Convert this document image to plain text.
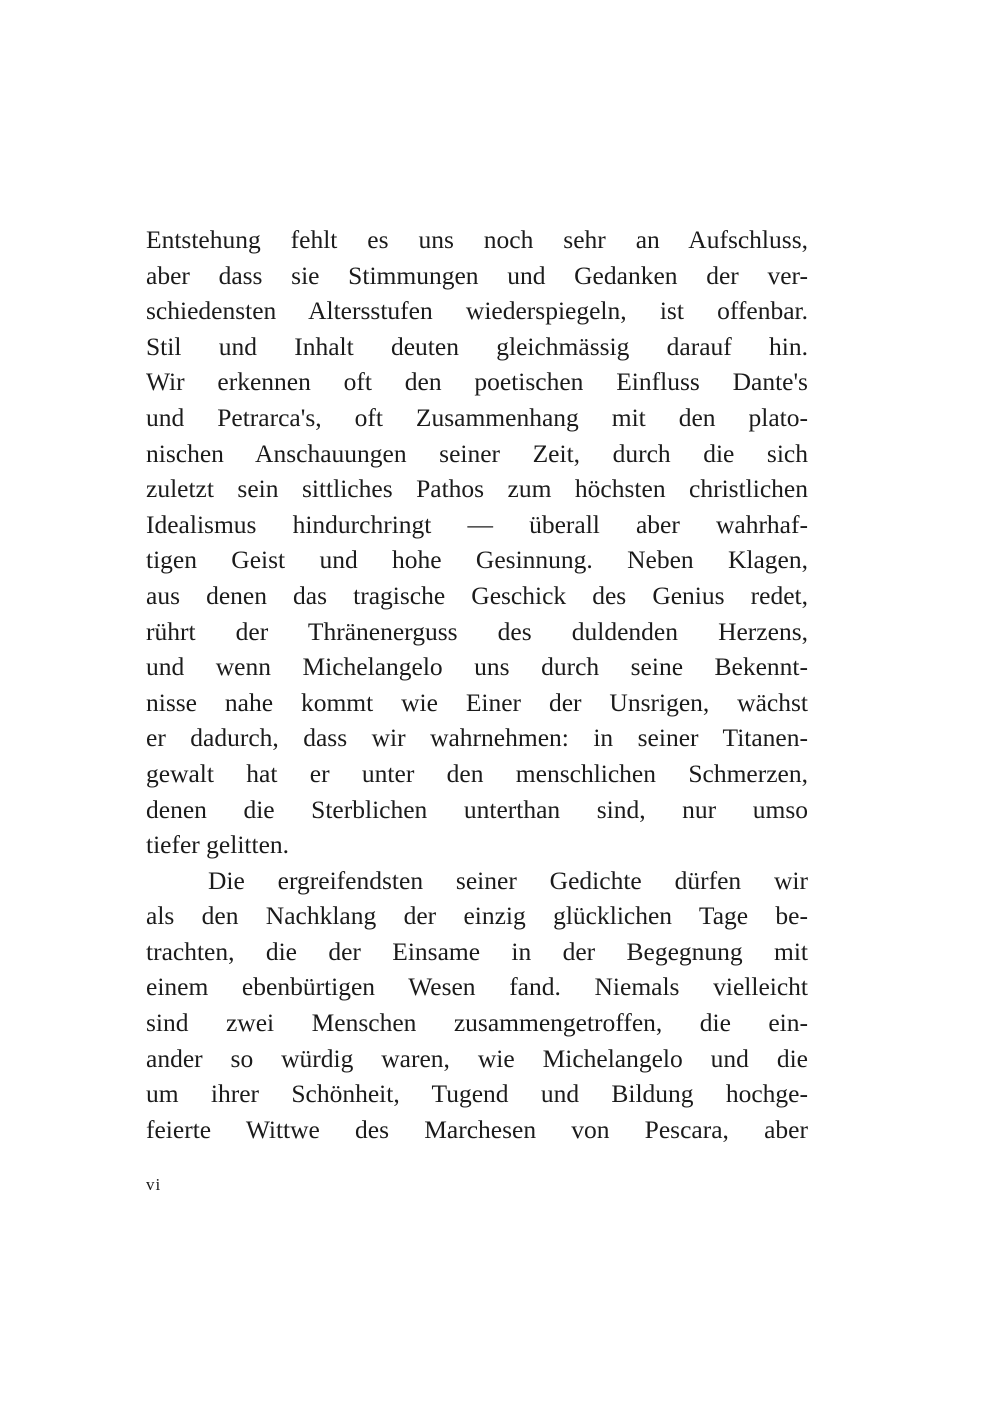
Entstehung fehlt es uns noch sehr an Aufschluss,
aber dass sie Stimmungen und Gedanken der ver-
schiedensten Altersstufen wiederspiegeln, ist offenbar.
Stil und Inhalt deuten gleichmässig darauf hin.
Wir erkennen oft den poetischen Einfluss Dante's
und Petrarca's, oft Zusammenhang mit den plato-
nischen Anschauungen seiner Zeit, durch die sich
zuletzt sein sittliches Pathos zum höchsten christlichen
Idealismus hindurchringt — überall aber wahrhaf-
tigen Geist und hohe Gesinnung. Neben Klagen,
aus denen das tragische Geschick des Genius redet,
rührt der Thränenerguss des duldenden Herzens,
und wenn Michelangelo uns durch seine Bekennt-
nisse nahe kommt wie Einer der Unsrigen, wächst
er dadurch, dass wir wahrnehmen: in seiner Titanen-
gewalt hat er unter den menschlichen Schmerzen,
denen die Sterblichen unterthan sind, nur umso
tiefer gelitten.
Die ergreifendsten seiner Gedichte dürfen wir
als den Nachklang der einzig glücklichen Tage be-
trachten, die der Einsame in der Begegnung mit
einem ebenbürtigen Wesen fand. Niemals vielleicht
sind zwei Menschen zusammengetroffen, die ein-
ander so würdig waren, wie Michelangelo und die
um ihrer Schönheit, Tugend und Bildung hochge-
feierte Wittwe des Marchesen von Pescara, aber
vi
